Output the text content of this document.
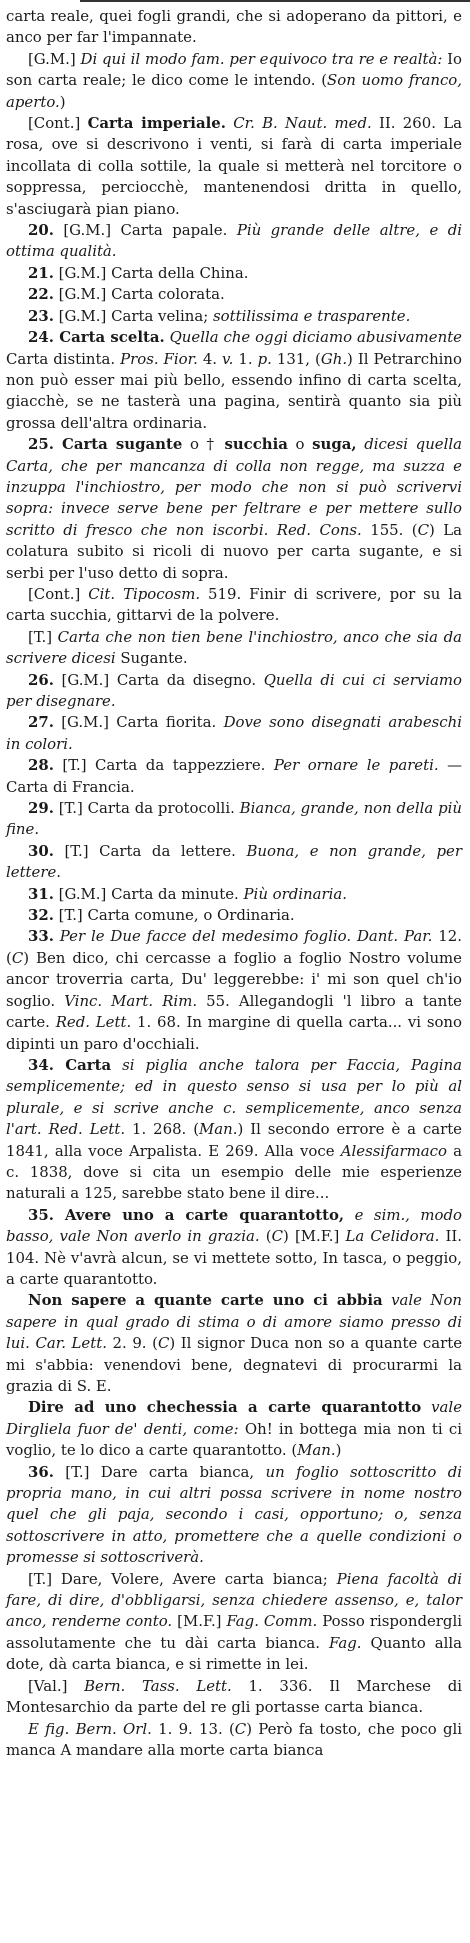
carta reale, quei fogli grandi, che si adoperano da pittori, e anco per far l'impannate.

[G.M.] Di qui il modo fam. per equivoco tra re e realtà: Io son carta reale; le dico come le intendo. (Son uomo franco, aperto.)

[Cont.] Carta imperiale. Cr. B. Naut. med. II. 260. La rosa, ove si descrivono i venti, si farà di carta imperiale incollata di colla sottile, la quale si metterà nel torcitore o soppressa, perciocchè, mantenendosi dritta in quello, s'asciugarà pian piano.

20. [G.M.] Carta papale. Più grande delle altre, e di ottima qualità.

21. [G.M.] Carta della China.

22. [G.M.] Carta colorata.

23. [G.M.] Carta velina; sottilissima e trasparente.

24. Carta scelta. Quella che oggi diciamo abusivamente Carta distinta. Pros. Fior. 4. v. 1. p. 131, (Gh.) Il Petrarchino non può esser mai più bello, essendo infino di carta scelta, giacchè, se ne tasterà una pagina, sentirà quanto sia più grossa dell'altra ordinaria.

25. Carta sugante o † succhia o suga, dicesi quella Carta, che per mancanza di colla non regge, ma suzza e inzuppa l'inchiostro, per modo che non si può scrivervi sopra: invece serve bene per feltrare e per mettere sullo scritto di fresco che non iscorbi. Red. Cons. 155. (C) La colatura subito si ricoli di nuovo per carta sugante, e si serbi per l'uso detto di sopra.

[Cont.] Cit. Tipocosm. 519. Finir di scrivere, por su la carta succhia, gittarvi de la polvere.

[T.] Carta che non tien bene l'inchiostro, anco che sia da scrivere dicesi Sugante.

26. [G.M.] Carta da disegno. Quella di cui ci serviamo per disegnare.

27. [G.M.] Carta fiorita. Dove sono disegnati arabeschi in colori.

28. [T.] Carta da tappezziere. Per ornare le pareti. — Carta di Francia.

29. [T.] Carta da protocolli. Bianca, grande, non della più fine.

30. [T.] Carta da lettere. Buona, e non grande, per lettere.

31. [G.M.] Carta da minute. Più ordinaria.

32. [T.] Carta comune, o Ordinaria.

33. Per le Due facce del medesimo foglio. Dant. Par. 12. (C) Ben dico, chi cercasse a foglio a foglio Nostro volume ancor troverria carta, Du' leggerebbe: i' mi son quel ch'io soglio. Vinc. Mart. Rim. 55. Allegandogli 'l libro a tante carte. Red. Lett. 1. 68. In margine di quella carta... vi sono dipinti un paro d'occhiali.

34. Carta si piglia anche talora per Faccia, Pagina semplicemente; ed in questo senso si usa per lo più al plurale, e si scrive anche c. semplicemente, anco senza l'art. Red. Lett. 1. 268. (Man.) Il secondo errore è a carte 1841, alla voce Arpalista. E 269. Alla voce Alessifarmaco a c. 1838, dove si cita un esempio delle mie esperienze naturali a 125, sarebbe stato bene il dire...

35. Avere uno a carte quarantotto, e sim., modo basso, vale Non averlo in grazia. (C) [M.F.] La Celidora. II. 104. Nè v'avrà alcun, se vi mettete sotto, In tasca, o peggio, a carte quarantotto.

Non sapere a quante carte uno ci abbia vale Non sapere in qual grado di stima o di amore siamo presso di lui. Car. Lett. 2. 9. (C) Il signor Duca non so a quante carte mi s'abbia: venendovi bene, degnatevi di procurarmi la grazia di S. E.

Dire ad uno chechessia a carte quarantotto vale Dirgliela fuor de' denti, come: Oh! in bottega mia non ti ci voglio, te lo dico a carte quarantotto. (Man.)

36. [T.] Dare carta bianca, un foglio sottoscritto di propria mano, in cui altri possa scrivere in nome nostro quel che gli paja, secondo i casi, opportuno; o, senza sottoscrivere in atto, promettere che a quelle condizioni o promesse si sottoscriverà.

[T.] Dare, Volere, Avere carta bianca; Piena facoltà di fare, di dire, d'obbligarsi, senza chiedere assenso, e, talor anco, renderne conto. [M.F.] Fag. Comm. Posso rispondergli assolutamente che tu dài carta bianca. Fag. Quanto alla dote, dà carta bianca, e si rimette in lei.

[Val.] Bern. Tass. Lett. 1. 336. Il Marchese di Montesarchio da parte del re gli portasse carta bianca.

E fig. Bern. Orl. 1. 9. 13. (C) Però fa tosto, che poco gli manca A mandare alla morte carta bianca
